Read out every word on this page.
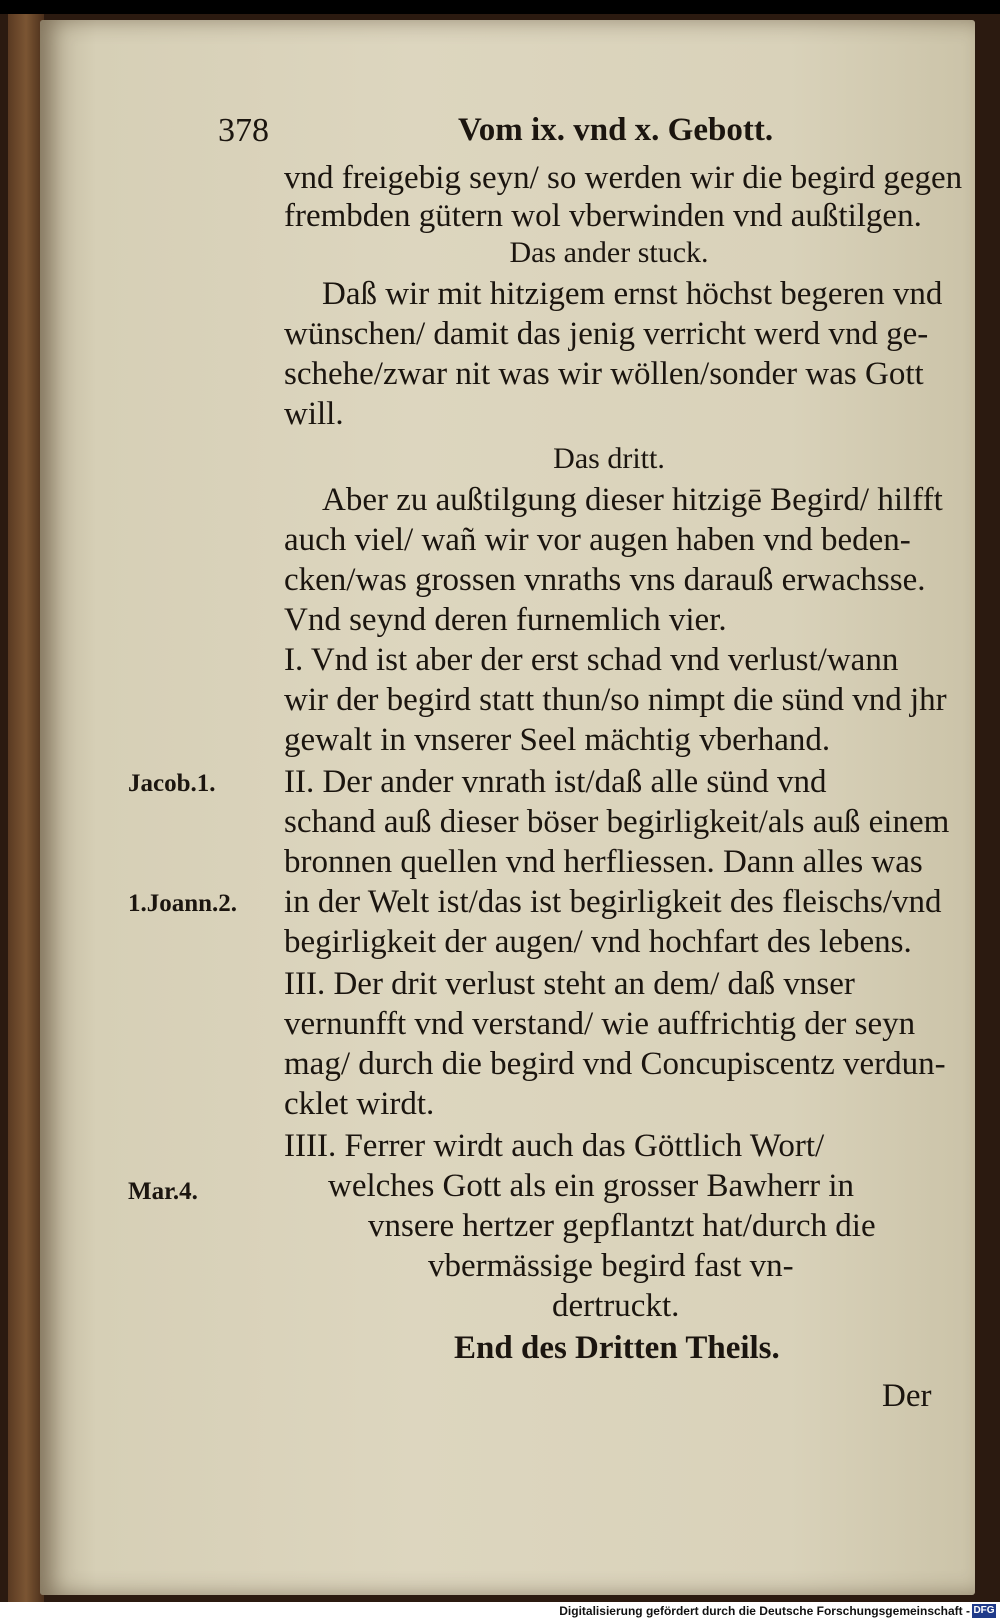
378	Vom ix. vnd x. Gebott.
vnd freigebig seyn/ so werden wir die begird gegen
frembden gütern wol vberwinden vnd außtilgen.
Das ander stuck.
Daß wir mit hitzigem ernst höchst begeren vnd
wünschen/ damit das jenig verricht werd vnd ge-
schehe/zwar nit was wir wöllen/sonder was Gott
will.
Das dritt.
Aber zu außtilgung dieser hitzigē Begird/ hilfft
auch viel/ wañ wir vor augen haben vnd beden-
cken/was grossen vnraths vns darauß erwachsse.
Vnd seynd deren furnemlich vier.
I. Vnd ist aber der erst schad vnd verlust/wann
wir der begird statt thun/so nimpt die sünd vnd jhr
gewalt in vnserer Seel mächtig vberhand.
II. Der ander vnrath ist/daß alle sünd vnd
schand auß dieser böser begirligkeit/als auß einem
bronnen quellen vnd herfliessen. Dann alles was
in der Welt ist/das ist begirligkeit des fleischs/vnd
begirligkeit der augen/ vnd hochfart des lebens.
III. Der drit verlust steht an dem/ daß vnser
vernunfft vnd verstand/ wie auffrichtig der seyn
mag/ durch die begird vnd Concupiscentz verdun-
cklet wirdt.
IIII. Ferrer wirdt auch das Göttlich Wort/
welches Gott als ein grosser Bawherr in
vnsere hertzer gepflantzt hat/durch die
vbermässige begird fast vn-
dertruckt.
End des Dritten Theils.
Der
Jacob.1.
1.Joann.2.
Mar.4.
Digitalisierung gefördert durch die Deutsche Forschungsgemeinschaft - DFG
